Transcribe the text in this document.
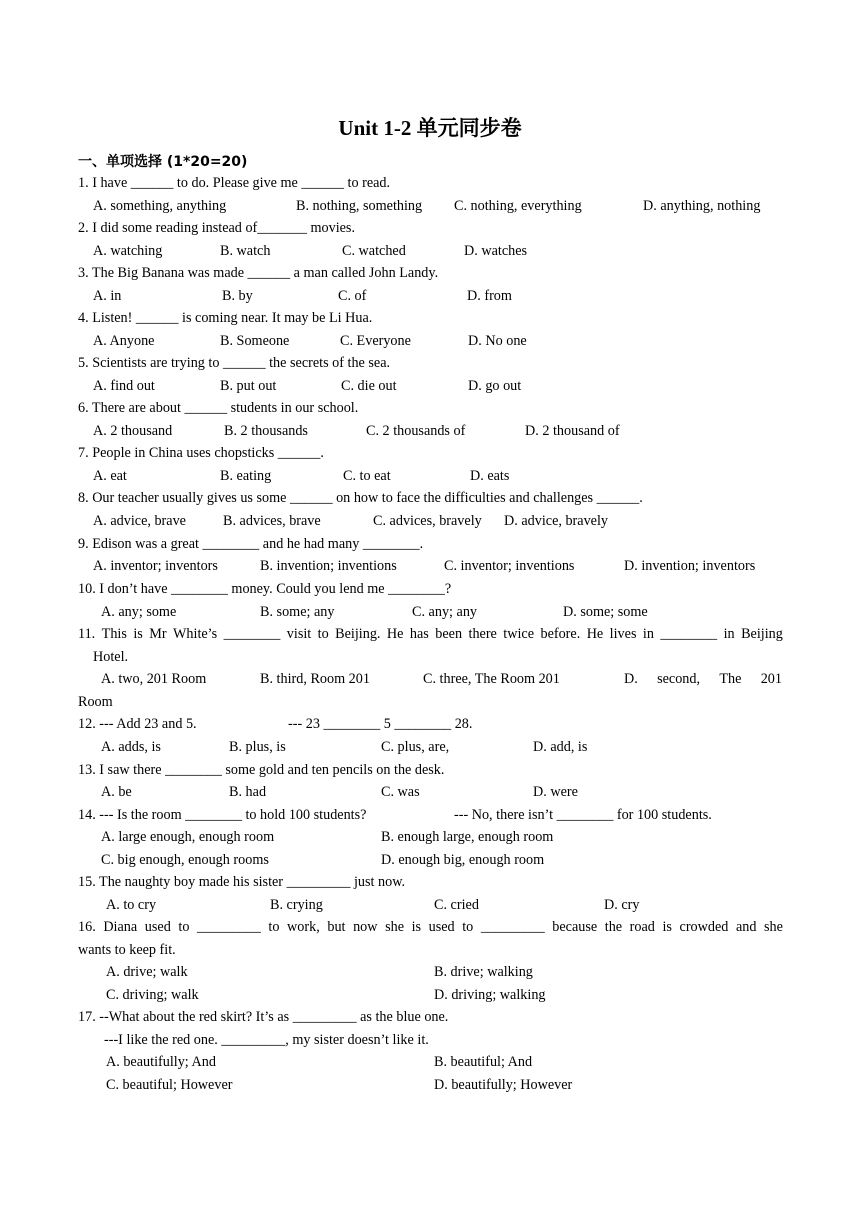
Unit 1-2 单元同步卷
一、单项选择 (1*20=20)
1. I have ______ to do. Please give me ______ to read.
A. something, anything	B. nothing, something C. nothing, everything	D. anything, nothing
2. I did some reading instead of_______ movies.
A. watching	B. watch	C. watched	D. watches
3. The Big Banana was made ______ a man called John Landy.
A. in	B. by	C. of	D. from
4. Listen! ______ is coming near. It may be Li Hua.
A. Anyone	B. Someone	C. Everyone	D. No one
5. Scientists are trying to ______ the secrets of the sea.
A. find out	B. put out	C. die out	D. go out
6. There are about ______ students in our school.
A. 2 thousand	B. 2 thousands	C. 2 thousands of	D. 2 thousand of
7. People in China uses chopsticks ______.
A. eat	B. eating	C. to eat	D. eats
8. Our teacher usually gives us some ______ on how to face the difficulties and challenges ______.
A. advice, brave	B. advices, brave	C. advices, bravely D. advice, bravely
9. Edison was a great ________ and he had many ________.
A. inventor; inventors	B. invention; inventions	C. inventor; inventions	D. invention; inventors
10. I don’t have ________ money. Could you lend me ________?
A. any; some	B. some; any	C. any; any	D. some; some
11. This is Mr White’s ________ visit to Beijing. He has been there twice before. He lives in ________ in Beijing
Hotel.
A. two, 201 Room	B. third, Room 201	C. three, The Room 201	D. second, The 201
Room
12. --- Add 23 and 5.	--- 23 ________ 5 ________ 28.
A. adds, is	B. plus, is	C. plus, are,	D. add, is
13. I saw there ________ some gold and ten pencils on the desk.
A. be	B. had	C. was	D. were
14. --- Is the room ________ to hold 100 students?	--- No, there isn’t ________ for 100 students.
A. large enough, enough room	B. enough large, enough room
C. big enough, enough rooms	D. enough big, enough room
15. The naughty boy made his sister _________ just now.
A. to cry	B. crying	C. cried	D. cry
16. Diana used to _________ to work, but now she is used to _________ because the road is crowded and she
wants to keep fit.
A. drive; walk	B. drive; walking
C. driving; walk	D. driving; walking
17. --What about the red skirt? It’s as _________ as the blue one.
---I like the red one. _________, my sister doesn’t like it.
A. beautifully; And	B. beautiful; And
C. beautiful; However	D. beautifully; However
